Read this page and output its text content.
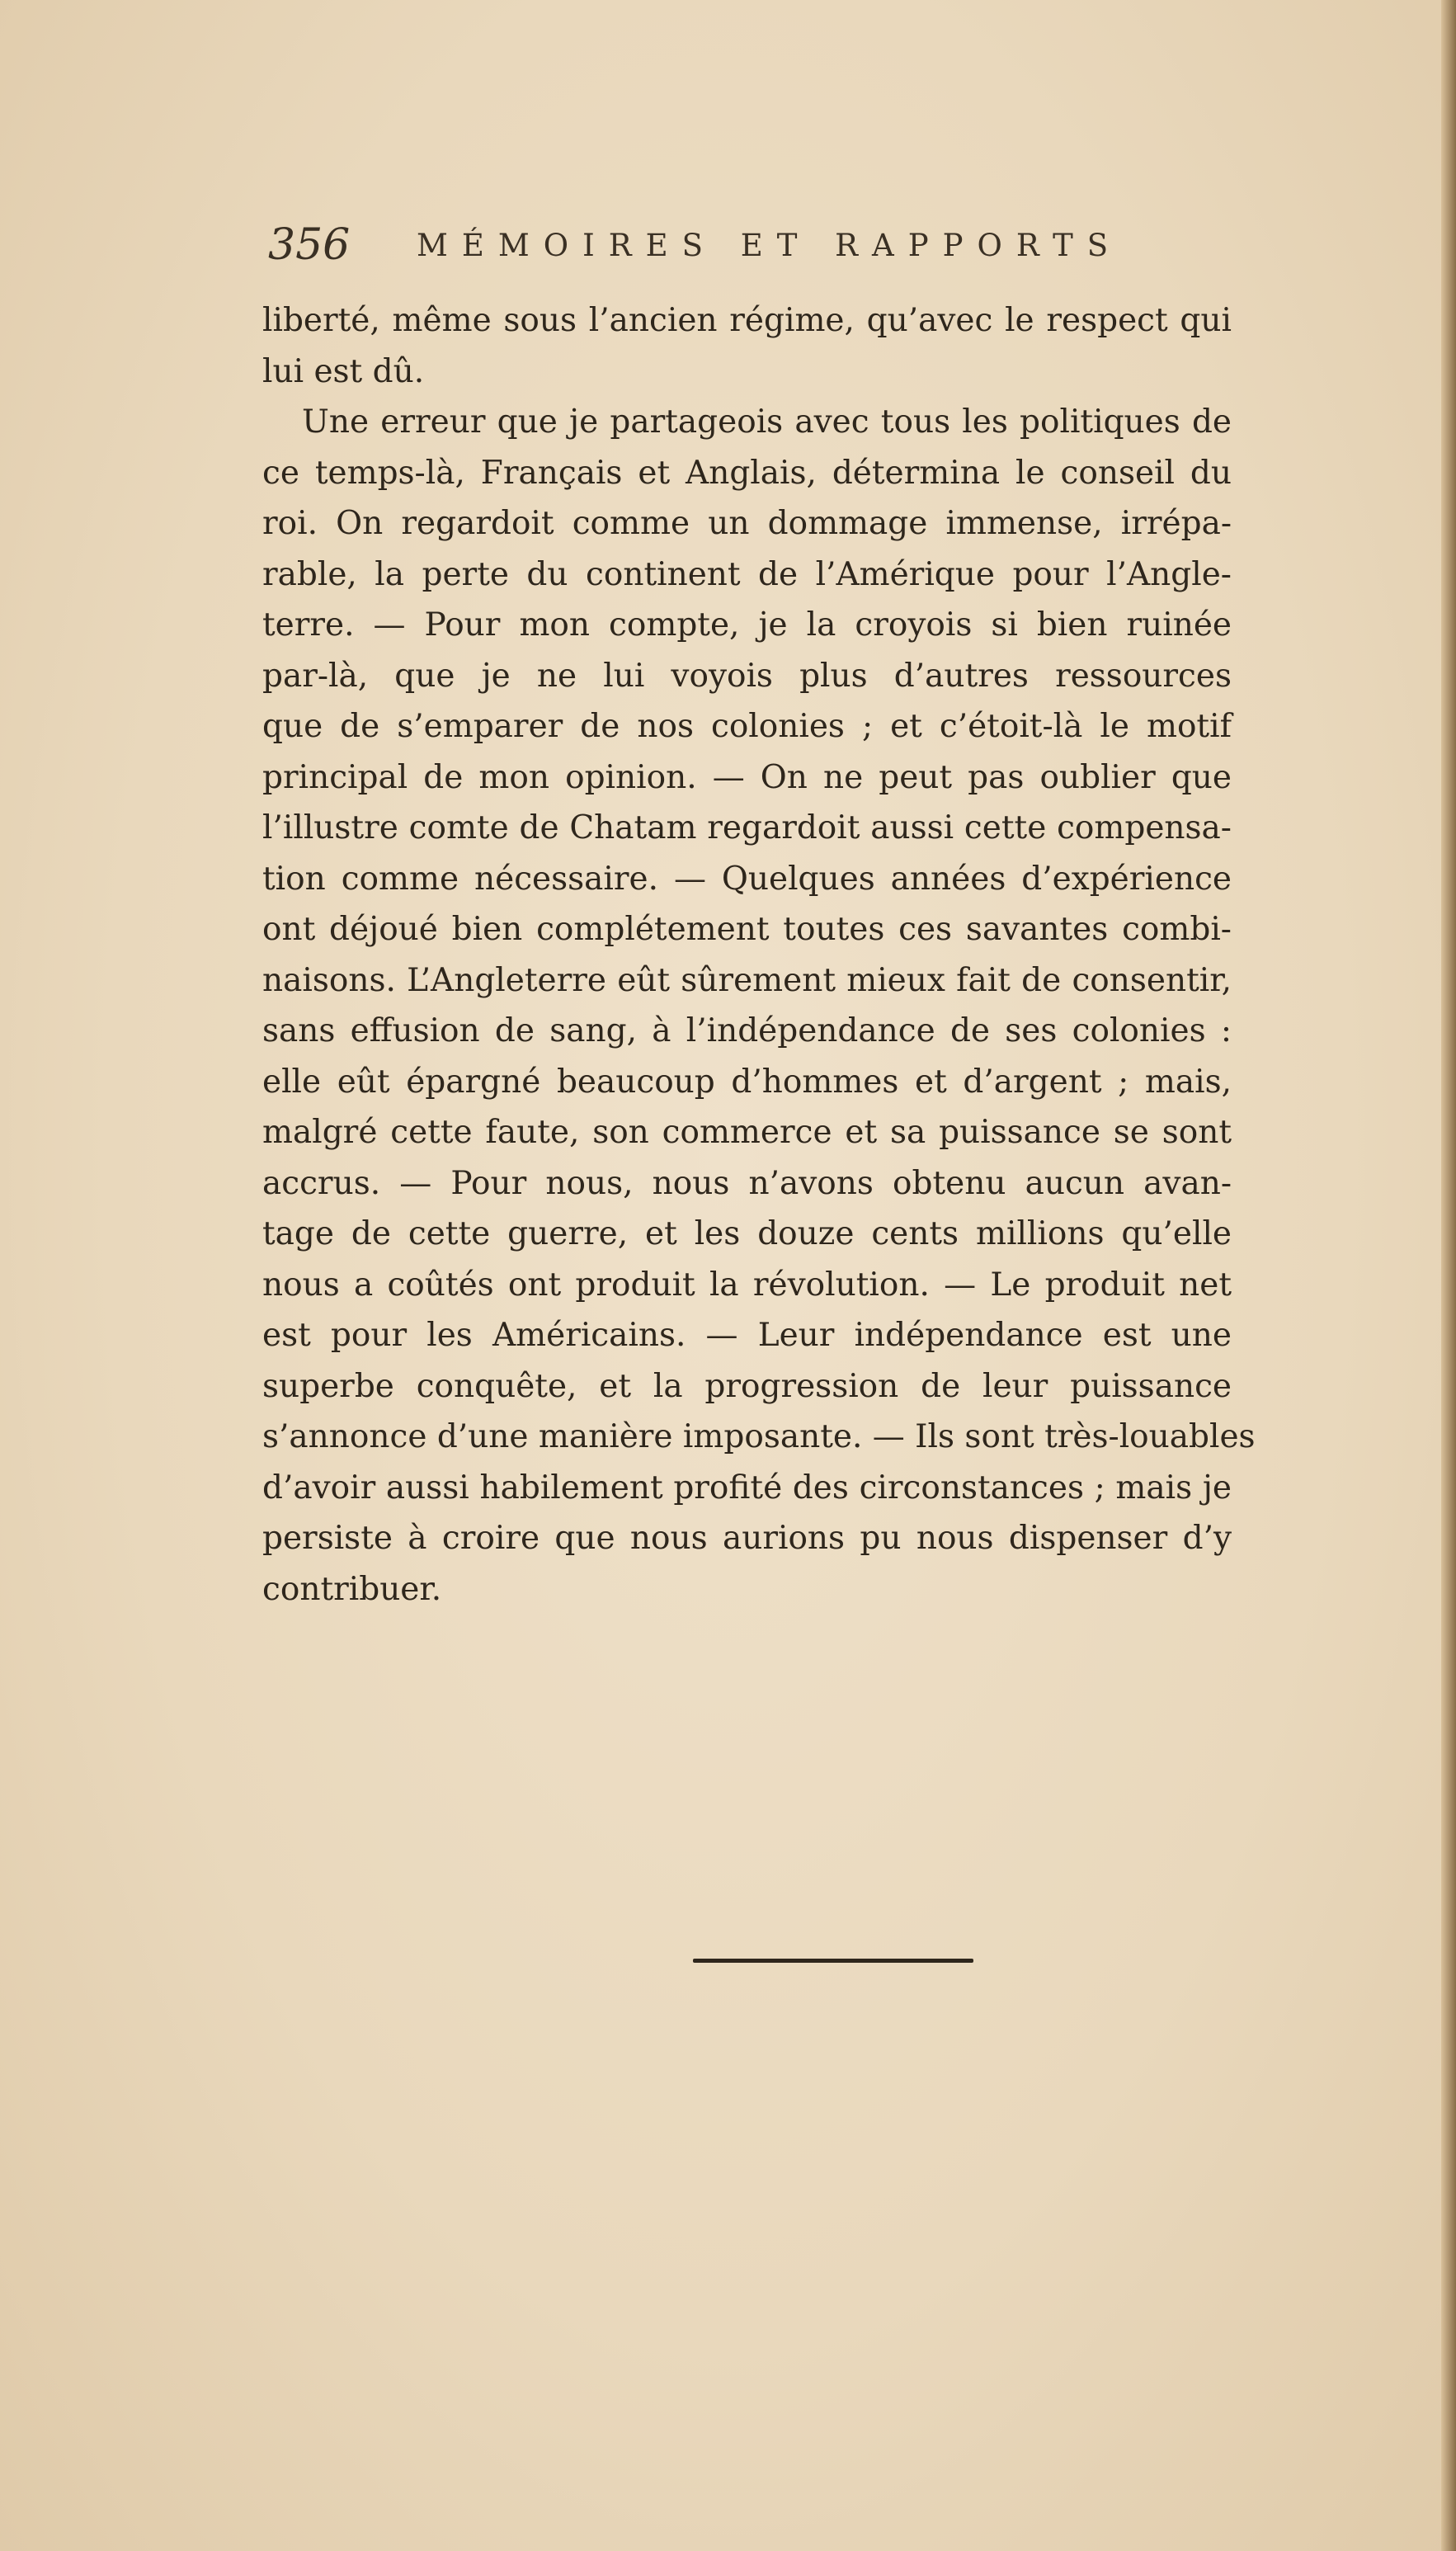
356 MÉMOIRES ET RAPPORTS
liberté, même sous l’ancien régime, qu’avec le respect qui
lui est dû.
Une erreur que je partageois avec tous les politiques de
ce temps-là, Français et Anglais, détermina le conseil du
roi. On regardoit comme un dommage immense, irrépa-
rable, la perte du continent de l’Amérique pour l’Angle-
terre. — Pour mon compte, je la croyois si bien ruinée
par-là, que je ne lui voyois plus d’autres ressources
que de s’emparer de nos colonies ; et c’étoit-là le motif
principal de mon opinion. — On ne peut pas oublier que
l’illustre comte de Chatam regardoit aussi cette compensa-
tion comme nécessaire. — Quelques années d’expérience
ont déjoué bien complétement toutes ces savantes combi-
naisons. L’Angleterre eût sûrement mieux fait de consentir,
sans effusion de sang, à l’indépendance de ses colonies :
elle eût épargné beaucoup d’hommes et d’argent ; mais,
malgré cette faute, son commerce et sa puissance se sont
accrus. — Pour nous, nous n’avons obtenu aucun avan-
tage de cette guerre, et les douze cents millions qu’elle
nous a coûtés ont produit la révolution. — Le produit net
est pour les Américains. — Leur indépendance est une
superbe conquête, et la progression de leur puissance
s’annonce d’une manière imposante. — Ils sont très-louables
d’avoir aussi habilement profité des circonstances ; mais je
persiste à croire que nous aurions pu nous dispenser d’y
contribuer.
